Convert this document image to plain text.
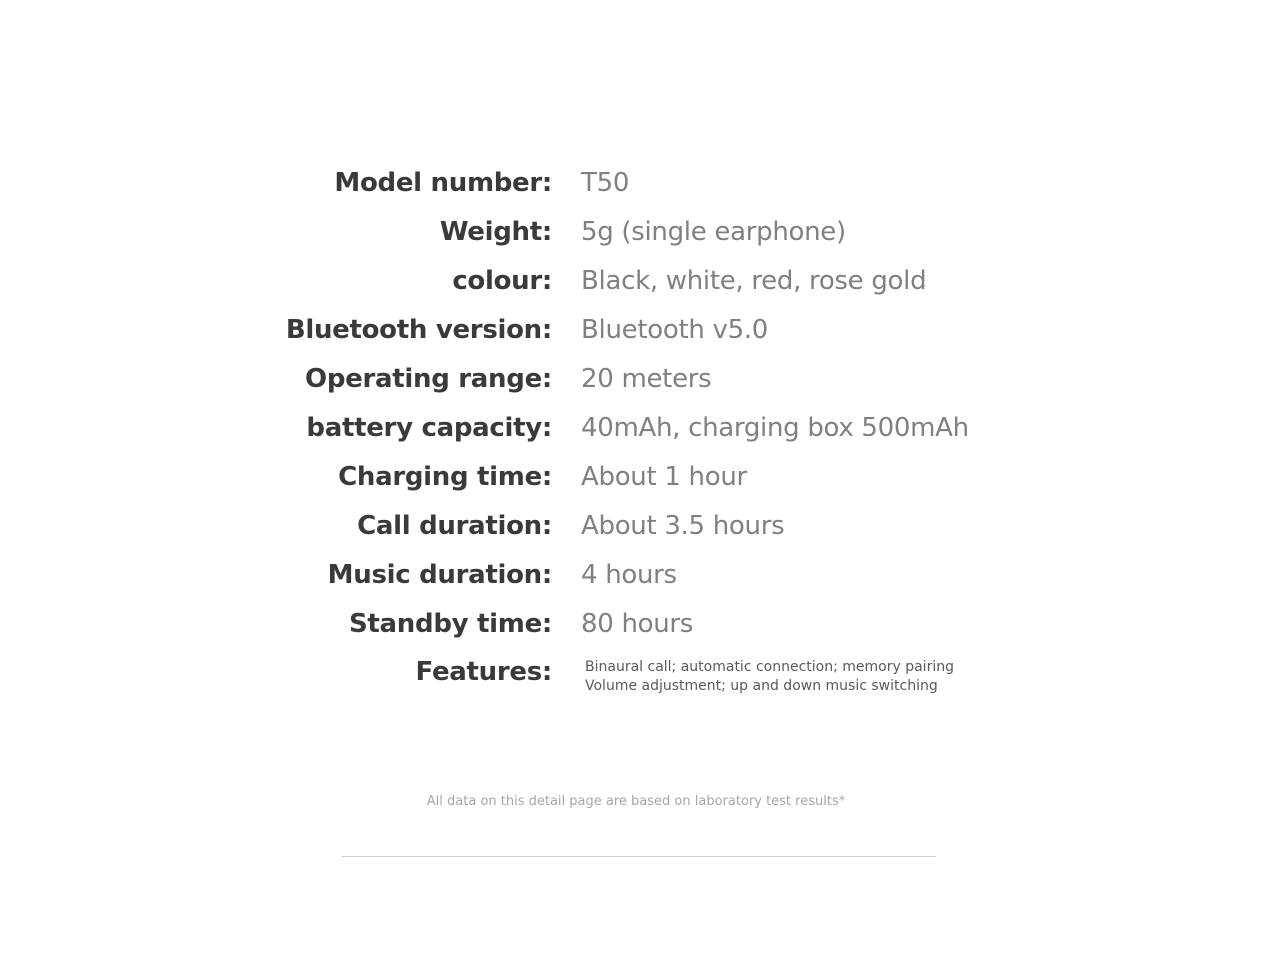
Model number: T50
Weight: 5g (single earphone)
colour: Black, white, red, rose gold
Bluetooth version: Bluetooth v5.0
Operating range: 20 meters
battery capacity: 40mAh, charging box 500mAh
Charging time: About 1 hour
Call duration: About 3.5 hours
Music duration: 4 hours
Standby time: 80 hours
Features: Binaural call; automatic connection; memory pairing
Volume adjustment; up and down music switching
All data on this detail page are based on laboratory test results*
